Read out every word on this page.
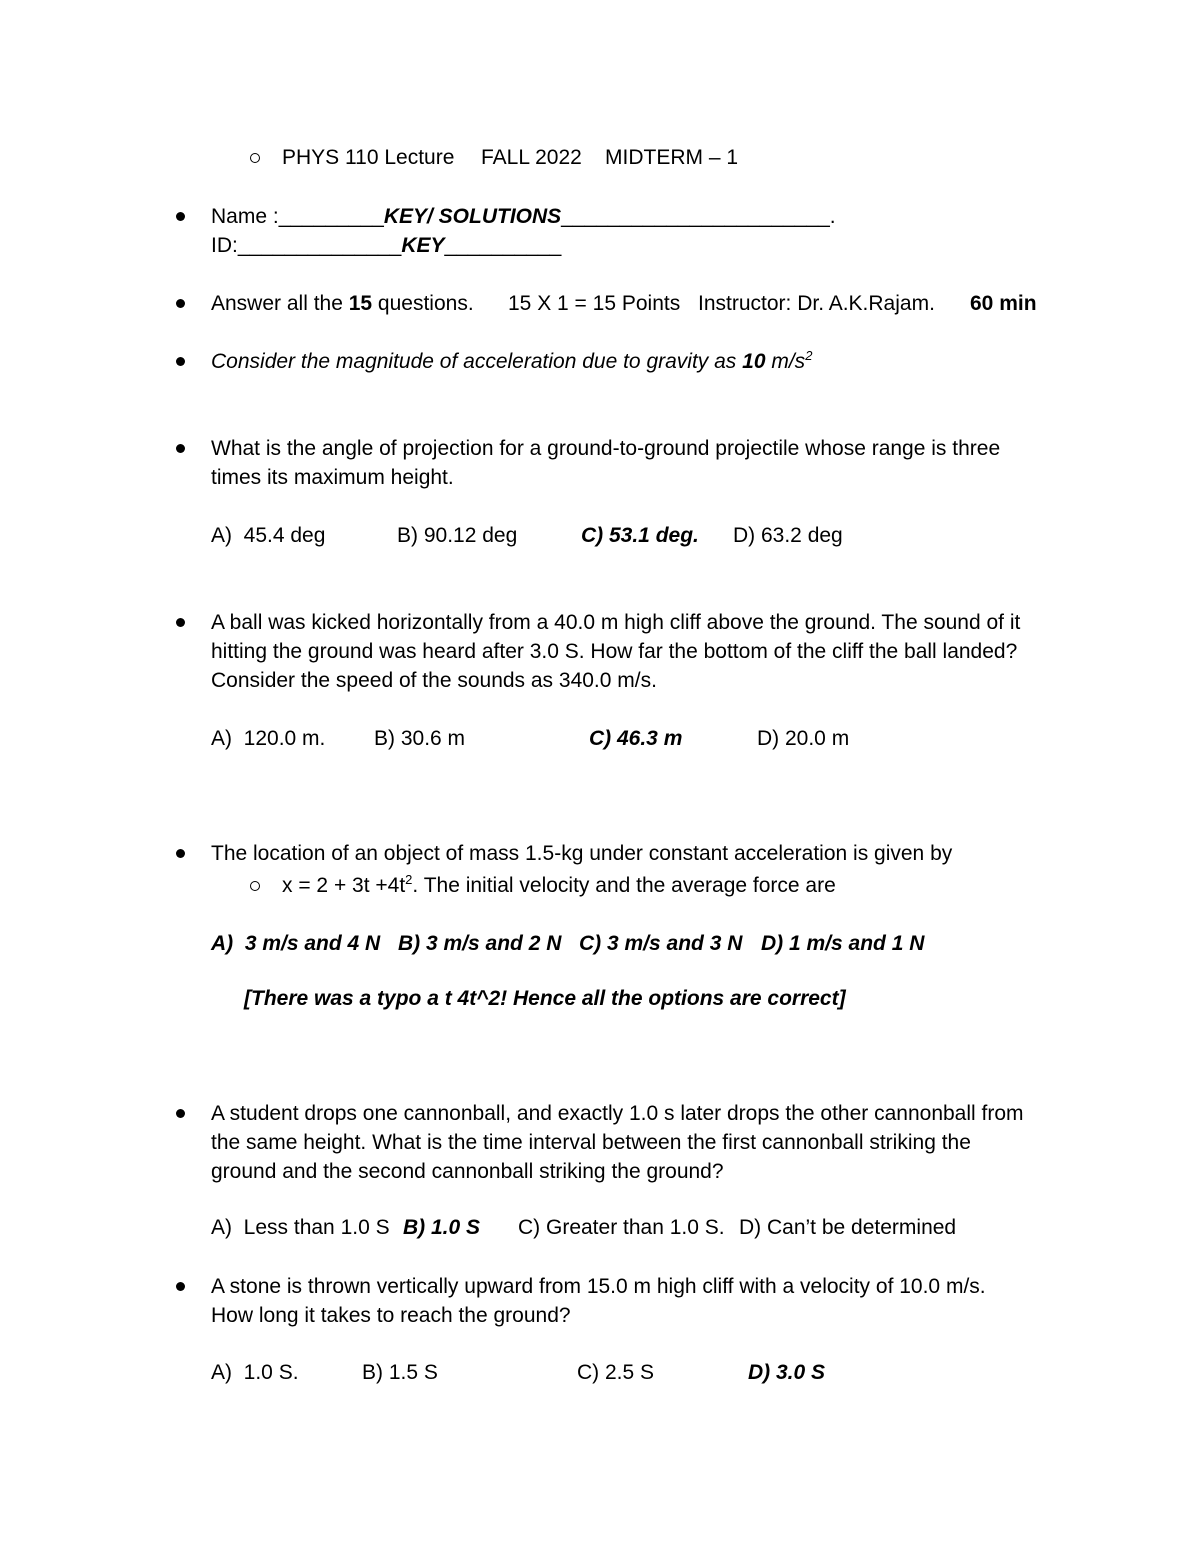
PHYS 110 Lecture FALL 2022 MIDTERM – 1
Name :_________KEY/ SOLUTIONS_______________________.
ID:______________KEY__________
Answer all the 15 questions. 15 X 1 = 15 Points Instructor: Dr. A.K.Rajam. 60 min
Consider the magnitude of acceleration due to gravity as 10 $m/s^2$
What is the angle of projection for a ground-to-ground projectile whose range is three
times its maximum height.
A)  45.4 deg	B) 90.12 deg	C) 53.1 deg. D) 63.2 deg
A ball was kicked horizontally from a 40.0 m high cliff above the ground. The sound of it
hitting the ground was heard after 3.0 S. How far the bottom of the cliff the ball landed?
Consider the speed of the sounds as 340.0 m/s.
A)  120.0 m. B) 30.6 m	C) 46.3 m	D) 20.0 m
The location of an object of mass 1.5-kg under constant acceleration is given by
$x = 2 + 3t +4t^2$. The initial velocity and the average force are
A)  3 m/s and 4 N B) 3 m/s and 2 N C) 3 m/s and 3 N D) 1 m/s and 1 N
[There was a typo a t 4t^2! Hence all the options are correct]
A student drops one cannonball, and exactly 1.0 s later drops the other cannonball from
the same height. What is the time interval between the first cannonball striking the
ground and the second cannonball striking the ground?
A)  Less than 1.0 S B) 1.0 S C) Greater than 1.0 S. D) Can’t be determined
A stone is thrown vertically upward from 15.0 m high cliff with a velocity of 10.0 m/s.
How long it takes to reach the ground?
A)  1.0 S.	B) 1.5 S	C) 2.5 S	D) 3.0 S
